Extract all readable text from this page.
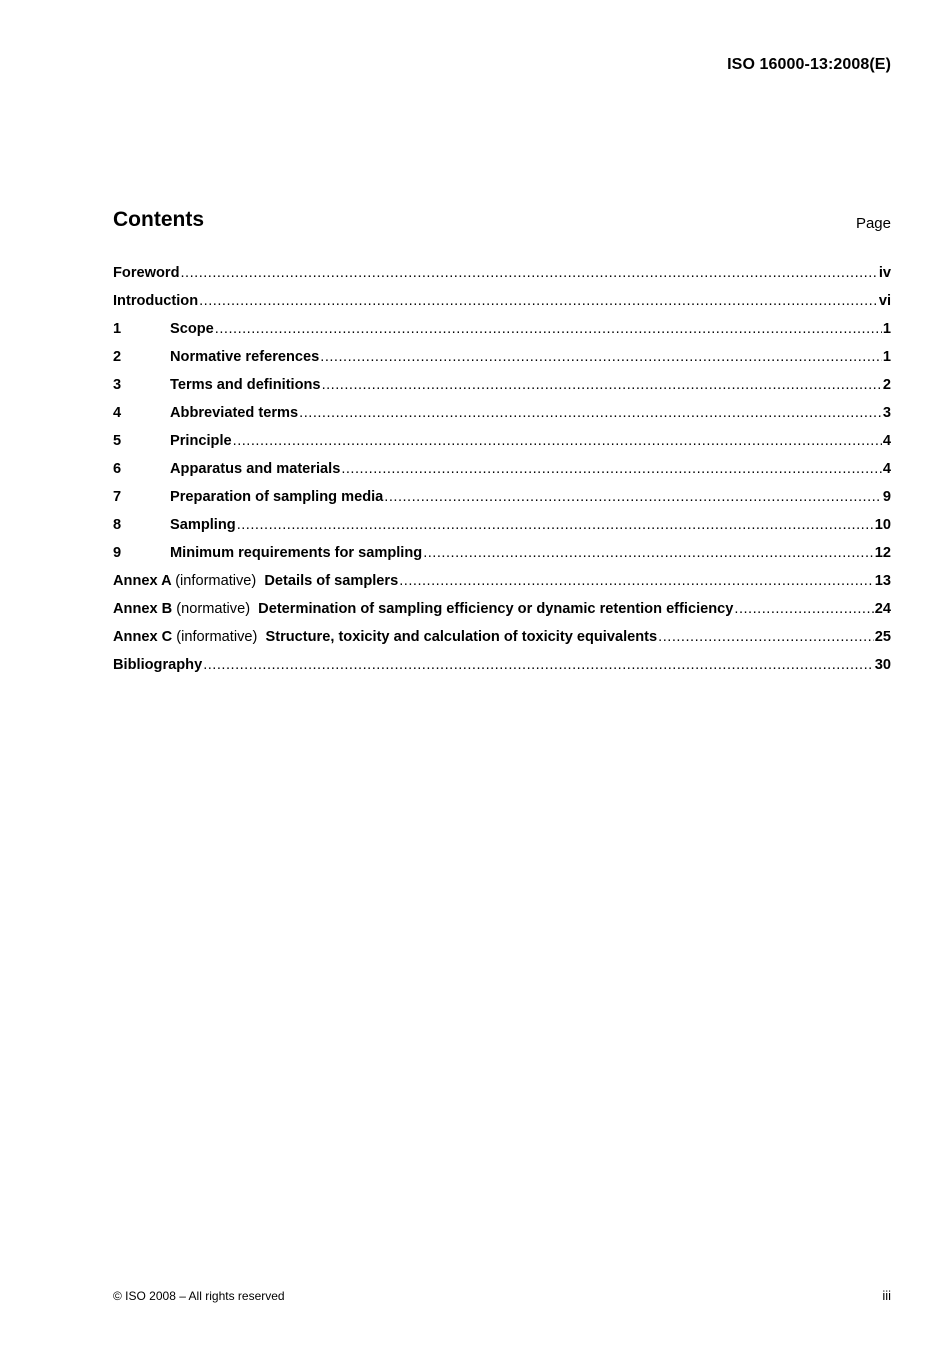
ISO 16000-13:2008(E)
Contents	Page
Foreword .....	iv
Introduction .....	vi
1	Scope .....	1
2	Normative references .....	1
3	Terms and definitions .....	2
4	Abbreviated terms .....	3
5	Principle .....	4
6	Apparatus and materials .....	4
7	Preparation of sampling media .....	9
8	Sampling .....	10
9	Minimum requirements for sampling .....	12
Annex A (informative) Details of samplers .....	13
Annex B (normative) Determination of sampling efficiency or dynamic retention efficiency .....	24
Annex C (informative) Structure, toxicity and calculation of toxicity equivalents .....	25
Bibliography .....	30
© ISO 2008 – All rights reserved	iii
